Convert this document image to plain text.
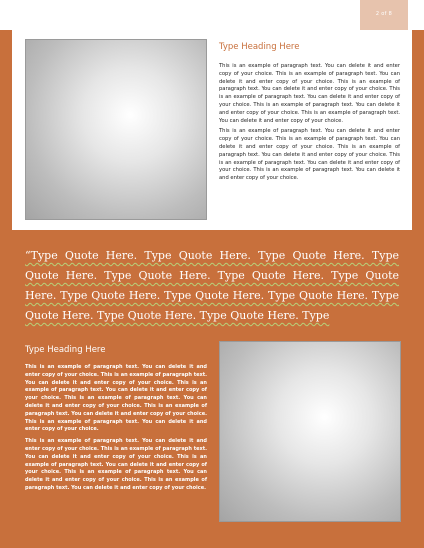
2 of 8
Type Heading Here

This is an example of paragraph text. You can delete it and enter copy of your choice. This is an example of paragraph text. You can delete it and enter copy of your choice. This is an example of paragraph text. You can delete it and enter copy of your choice. This is an example of paragraph text. You can delete it and enter copy of your choice. This is an example of paragraph text. You can delete it and enter copy of your choice. This is an example of paragraph text. You can delete it and enter copy of your choice.

This is an example of paragraph text. You can delete it and enter copy of your choice. This is an example of paragraph text. You can delete it and enter copy of your choice. This is an example of paragraph text. You can delete it and enter copy of your choice. This is an example of paragraph text. You can delete it and enter copy of your choice. This is an example of paragraph text. You can delete it and enter copy of your choice.

“Type Quote Here. Type Quote Here. Type Quote Here. Type Quote Here. Type Quote Here. Type Quote Here. Type Quote Here. Type Quote Here. Type Quote Here. Type Quote Here. Type Quote Here. Type Quote Here. Type Quote Here. Type
Type Heading Here

This is an example of paragraph text. You can delete it and enter copy of your choice. This is an example of paragraph text. You can delete it and enter copy of your choice. This is an example of paragraph text. You can delete it and enter copy of your choice. This is an example of paragraph text. You can delete it and enter copy of your choice. This is an example of paragraph text. You can delete it and enter copy of your choice. This is an example of paragraph text. You can delete it and enter copy of your choice.

This is an example of paragraph text. You can delete it and enter copy of your choice. This is an example of paragraph text. You can delete it and enter copy of your choice. This is an example of paragraph text. You can delete it and enter copy of your choice. This is an example of paragraph text. You can delete it and enter copy of your choice. This is an example of paragraph text. You can delete it and enter copy of your choice.
